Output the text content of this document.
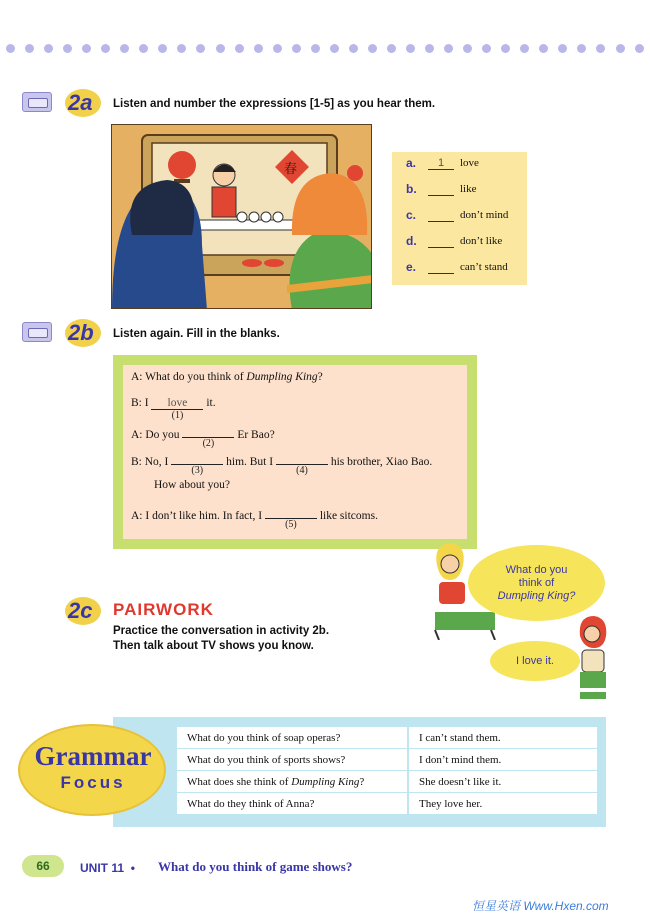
2a Listen and number the expressions [1-5] as you hear them.
春	a.	1	love
b.	like
c.	don’t mind
d.	don’t like
e.	can’t stand
2b Listen again. Fill in the blanks.
A: What do you think of Dumpling King?
B: I love
(1)
it.
A: Do you
(2)
Er Bao?
B: No, I
(3)
him. But I
(4)
his brother, Xiao Bao.
How about you?
A: I don’t like him. In fact, I
(5)
like sitcoms.
2c PAIRWORK
Practice the conversation in activity 2b.
Then talk about TV shows you know.
What do you
think of
Dumpling King?
I love it.
Grammar
Focus
What do you think of soap operas?	I can’t stand them.
What do you think of sports shows?	I don’t mind them.
What does she think of Dumpling King?	She doesn’t like it.
What do they think of Anna?	They love her.
66	UNIT 11 • What do you think of game shows?
恒星英语 Www.Hxen.com
